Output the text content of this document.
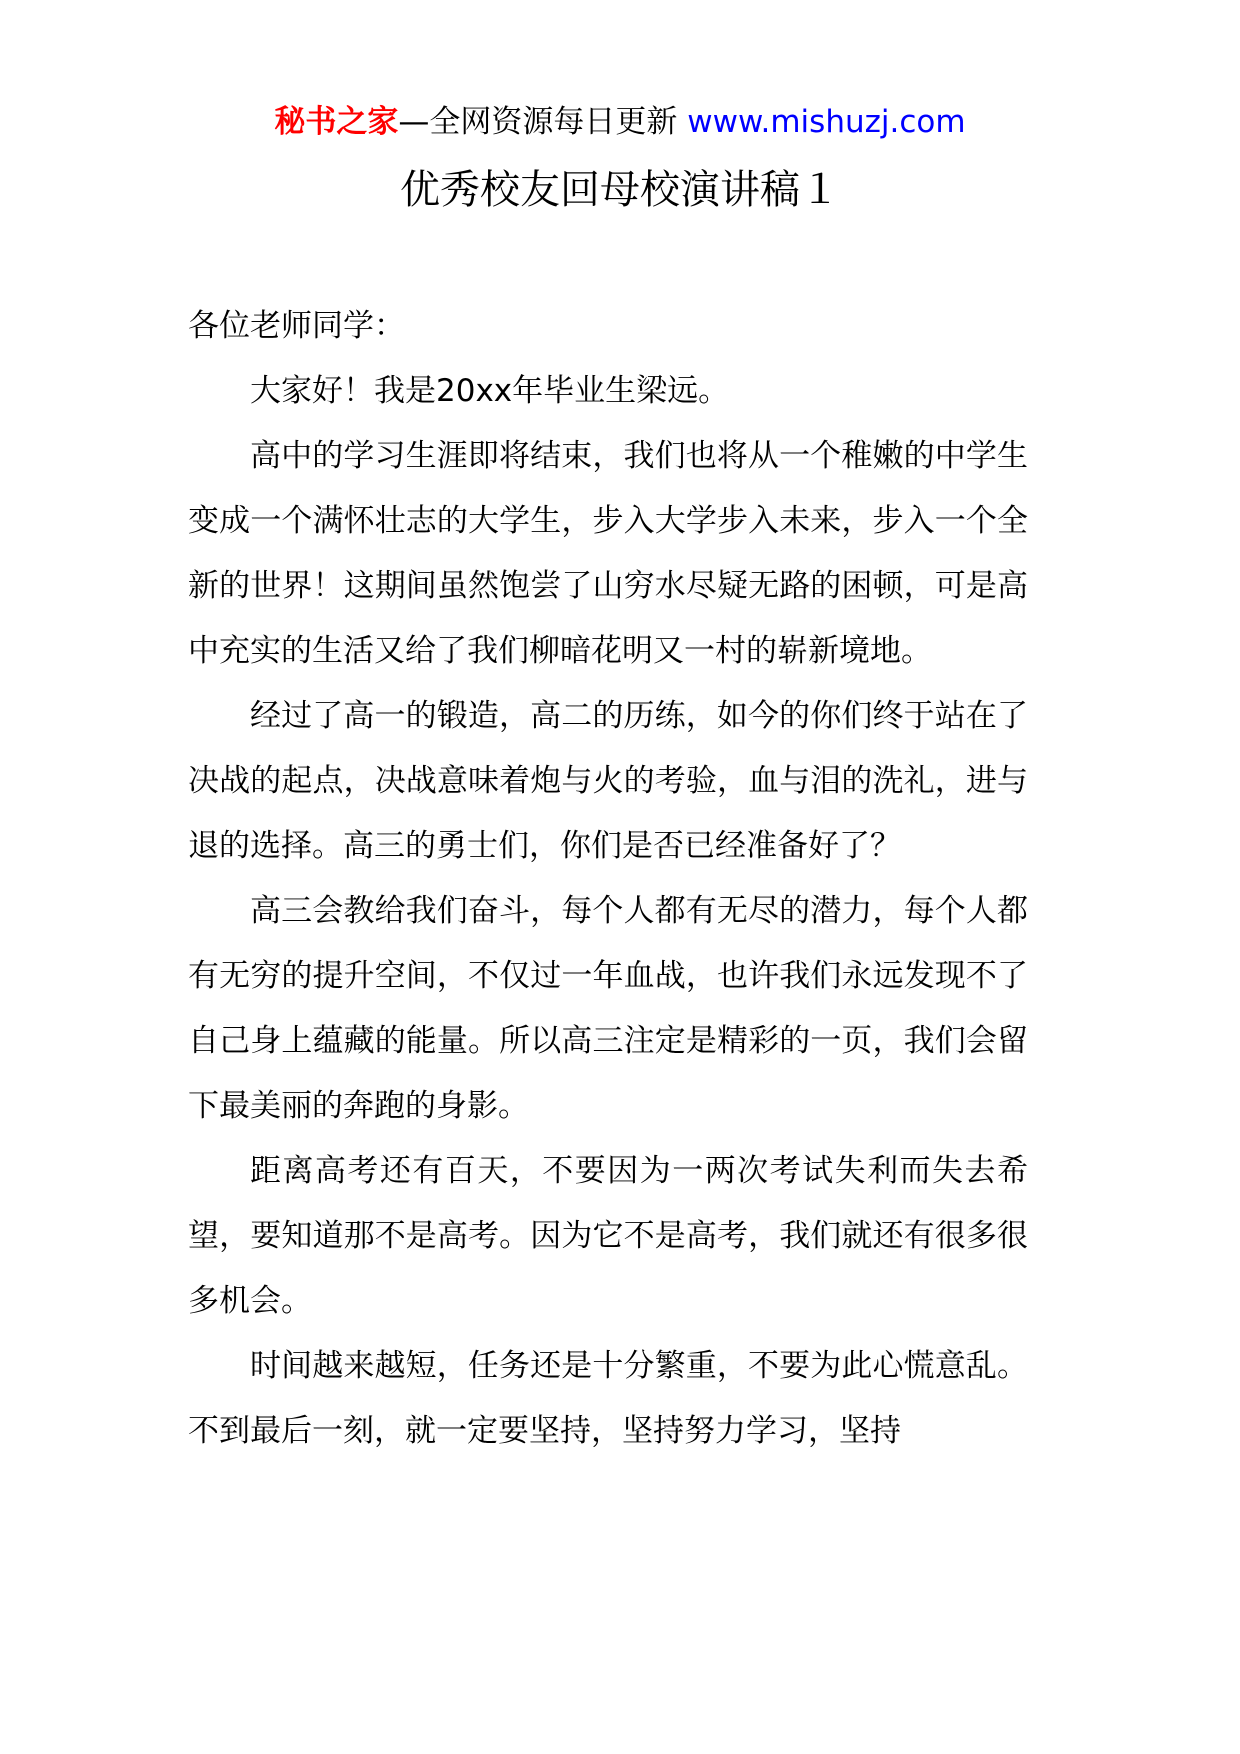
秘书之家—全网资源每日更新 www.mishuzj.com
优秀校友回母校演讲稿１

各位老师同学：

大家好！我是20xx年毕业生梁远。

高中的学习生涯即将结束，我们也将从一个稚嫩的中学生变成一个满怀壮志的大学生，步入大学步入未来，步入一个全新的世界！这期间虽然饱尝了山穷水尽疑无路的困顿，可是高中充实的生活又给了我们柳暗花明又一村的崭新境地。

经过了高一的锻造，高二的历练，如今的你们终于站在了决战的起点，决战意味着炮与火的考验，血与泪的洗礼，进与退的选择。高三的勇士们，你们是否已经准备好了？

高三会教给我们奋斗，每个人都有无尽的潜力，每个人都有无穷的提升空间，不仅过一年血战，也许我们永远发现不了自己身上蕴藏的能量。所以高三注定是精彩的一页，我们会留下最美丽的奔跑的身影。

距离高考还有百天，不要因为一两次考试失利而失去希望，要知道那不是高考。因为它不是高考，我们就还有很多很多机会。

时间越来越短，任务还是十分繁重，不要为此心慌意乱。不到最后一刻，就一定要坚持，坚持努力学习，坚持
